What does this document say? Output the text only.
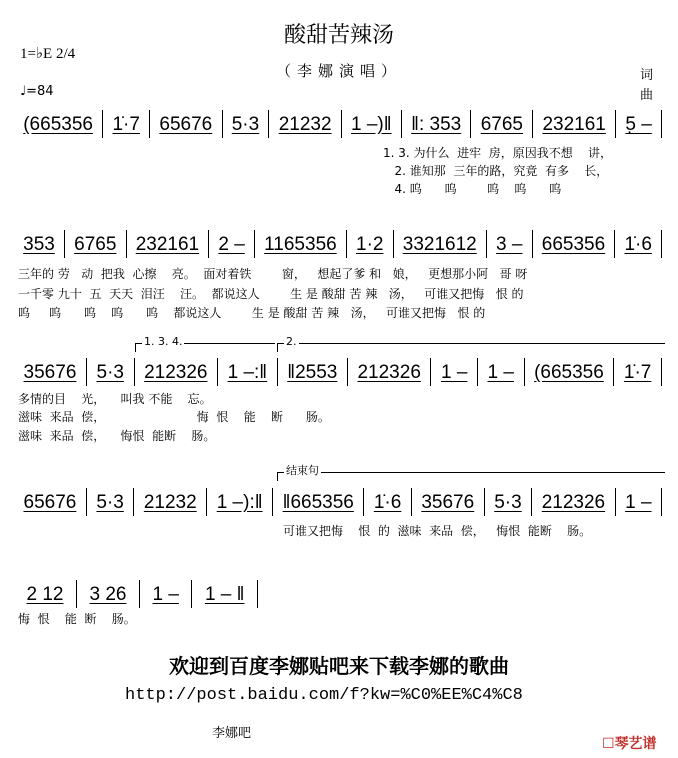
酸甜苦辣汤
（李娜演唱）
1=♭E 2/4
♩=84
词
曲
(665356	1̇·7	65676	5·3	21232	1 –)‖	‖: 353	6765	232161	5̣ –
1. 3. 为什么  进牢  房，原因我不想    讲，
2. 谁知那  三年的路，究竟  有多    长，
4. 呜      呜        呜    呜      呜
353	6765	232161	2 –	1165356	1·2	3321612	3 –	665356	1̇·6
三年的 劳   动  把我  心擦    亮。  面对着铁        窗，   想起了爹 和   娘，   更想那小阿   哥 呀
一千零 九十  五  天天  泪汪    汪。  都说这人        生 是 酸甜 苦 辣   汤，   可谁又把悔   恨 的
呜     呜      呜    呜      呜    都说这人        生 是 酸甜 苦 辣   汤，   可谁又把悔   恨 的
1. 3. 4.	2.
35676	5·3	212326	1 –:‖	‖2553	212326	1 –	1 –	(665356	1̇·7
多情的目    光，    叫我 不能    忘。
滋味  来品  偿，                        悔  恨    能    断      肠。
滋味  来品  偿，    悔恨  能断    肠。
结束句
65676	5·3	21232	1 –):‖	‖665356	1̇·6	35676	5·3	212326	1 –
可谁又把悔    恨  的  滋味  来品  偿，   悔恨  能断    肠。
2 12	3 26	1 –	1 – ‖
悔  恨    能  断    肠。
欢迎到百度李娜贴吧来下载李娜的歌曲
http://post.baidu.com/f?kw=%C0%EE%C4%C8
李娜吧
☐琴艺谱
